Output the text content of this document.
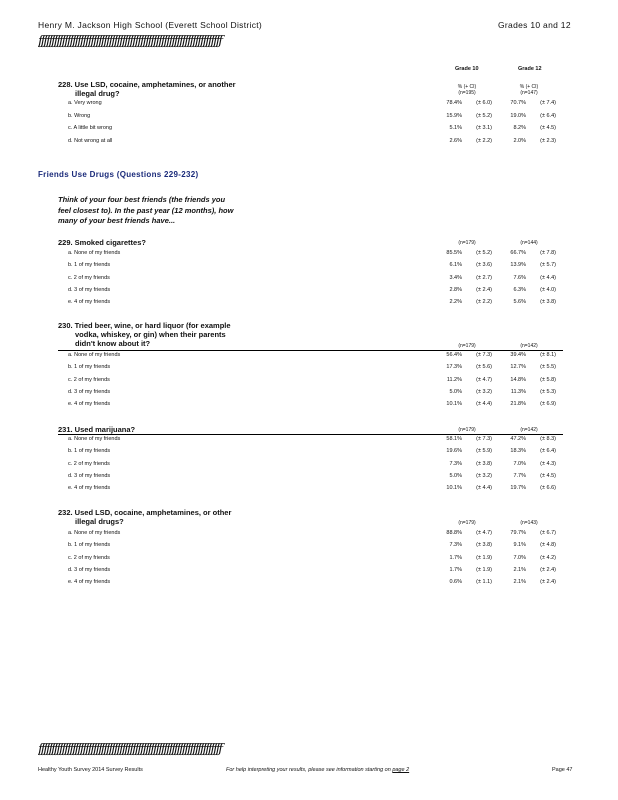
Henry M. Jackson High School (Everett School District)	Grades 10 and 12
ƒƒƒƒƒƒƒƒƒƒƒƒƒƒƒƒƒƒƒƒƒƒƒƒƒƒƒƒƒƒƒƒƒƒƒƒƒƒƒƒƒƒƒƒƒƒƒƒƒƒƒƒƒƒƒƒƒƒƒƒƒƒƒƒƒƒƒƒƒƒ
Grade 10	Grade 12
228. Use LSD, cocaine, amphetamines, or another
illegal drug?
% (+ CI)
(n=195)
% (+ CI)
(n=147)
a. Very wrong	78.4%	(± 6.0)	70.7%	(± 7.4)
b. Wrong	15.9%	(± 5.2)	19.0%	(± 6.4)
c. A little bit wrong	5.1%	(± 3.1)	8.2%	(± 4.5)
d. Not wrong at all	2.6%	(± 2.2)	2.0%	(± 2.3)
Friends Use Drugs (Questions 229-232)
Think of your four best friends (the friends you
feel closest to). In the past year (12 months), how
many of your best friends have...
229. Smoked cigarettes?	(n=179)	(n=144)
a. None of my friends	85.5%	(± 5.2)	66.7%	(± 7.8)
b. 1 of my friends	6.1%	(± 3.6)	13.9%	(± 5.7)
c. 2 of my friends	3.4%	(± 2.7)	7.6%	(± 4.4)
d. 3 of my friends	2.8%	(± 2.4)	6.3%	(± 4.0)
e. 4 of my friends	2.2%	(± 2.2)	5.6%	(± 3.8)
230. Tried beer, wine, or hard liquor (for example
vodka, whiskey, or gin) when their parents
didn't know about it?	(n=179)	(n=142)
a. None of my friends	56.4%	(± 7.3)	39.4%	(± 8.1)
b. 1 of my friends	17.3%	(± 5.6)	12.7%	(± 5.5)
c. 2 of my friends	11.2%	(± 4.7)	14.8%	(± 5.8)
d. 3 of my friends	5.0%	(± 3.2)	11.3%	(± 5.3)
e. 4 of my friends	10.1%	(± 4.4)	21.8%	(± 6.9)
231. Used marijuana?	(n=179)	(n=142)
a. None of my friends	58.1%	(± 7.3)	47.2%	(± 8.3)
b. 1 of my friends	19.6%	(± 5.9)	18.3%	(± 6.4)
c. 2 of my friends	7.3%	(± 3.8)	7.0%	(± 4.3)
d. 3 of my friends	5.0%	(± 3.2)	7.7%	(± 4.5)
e. 4 of my friends	10.1%	(± 4.4)	19.7%	(± 6.6)
232. Used LSD, cocaine, amphetamines, or other
illegal drugs?	(n=179)	(n=143)
a. None of my friends	88.8%	(± 4.7)	79.7%	(± 6.7)
b. 1 of my friends	7.3%	(± 3.8)	9.1%	(± 4.8)
c. 2 of my friends	1.7%	(± 1.9)	7.0%	(± 4.2)
d. 3 of my friends	1.7%	(± 1.9)	2.1%	(± 2.4)
e. 4 of my friends	0.6%	(± 1.1)	2.1%	(± 2.4)
ƒƒƒƒƒƒƒƒƒƒƒƒƒƒƒƒƒƒƒƒƒƒƒƒƒƒƒƒƒƒƒƒƒƒƒƒƒƒƒƒƒƒƒƒƒƒƒƒƒƒƒƒƒƒƒƒƒƒƒƒƒƒƒƒƒƒƒƒƒƒ
Healthy Youth Survey 2014 Survey Results	For help interpreting your results, please see information starting on page 2	Page 47
